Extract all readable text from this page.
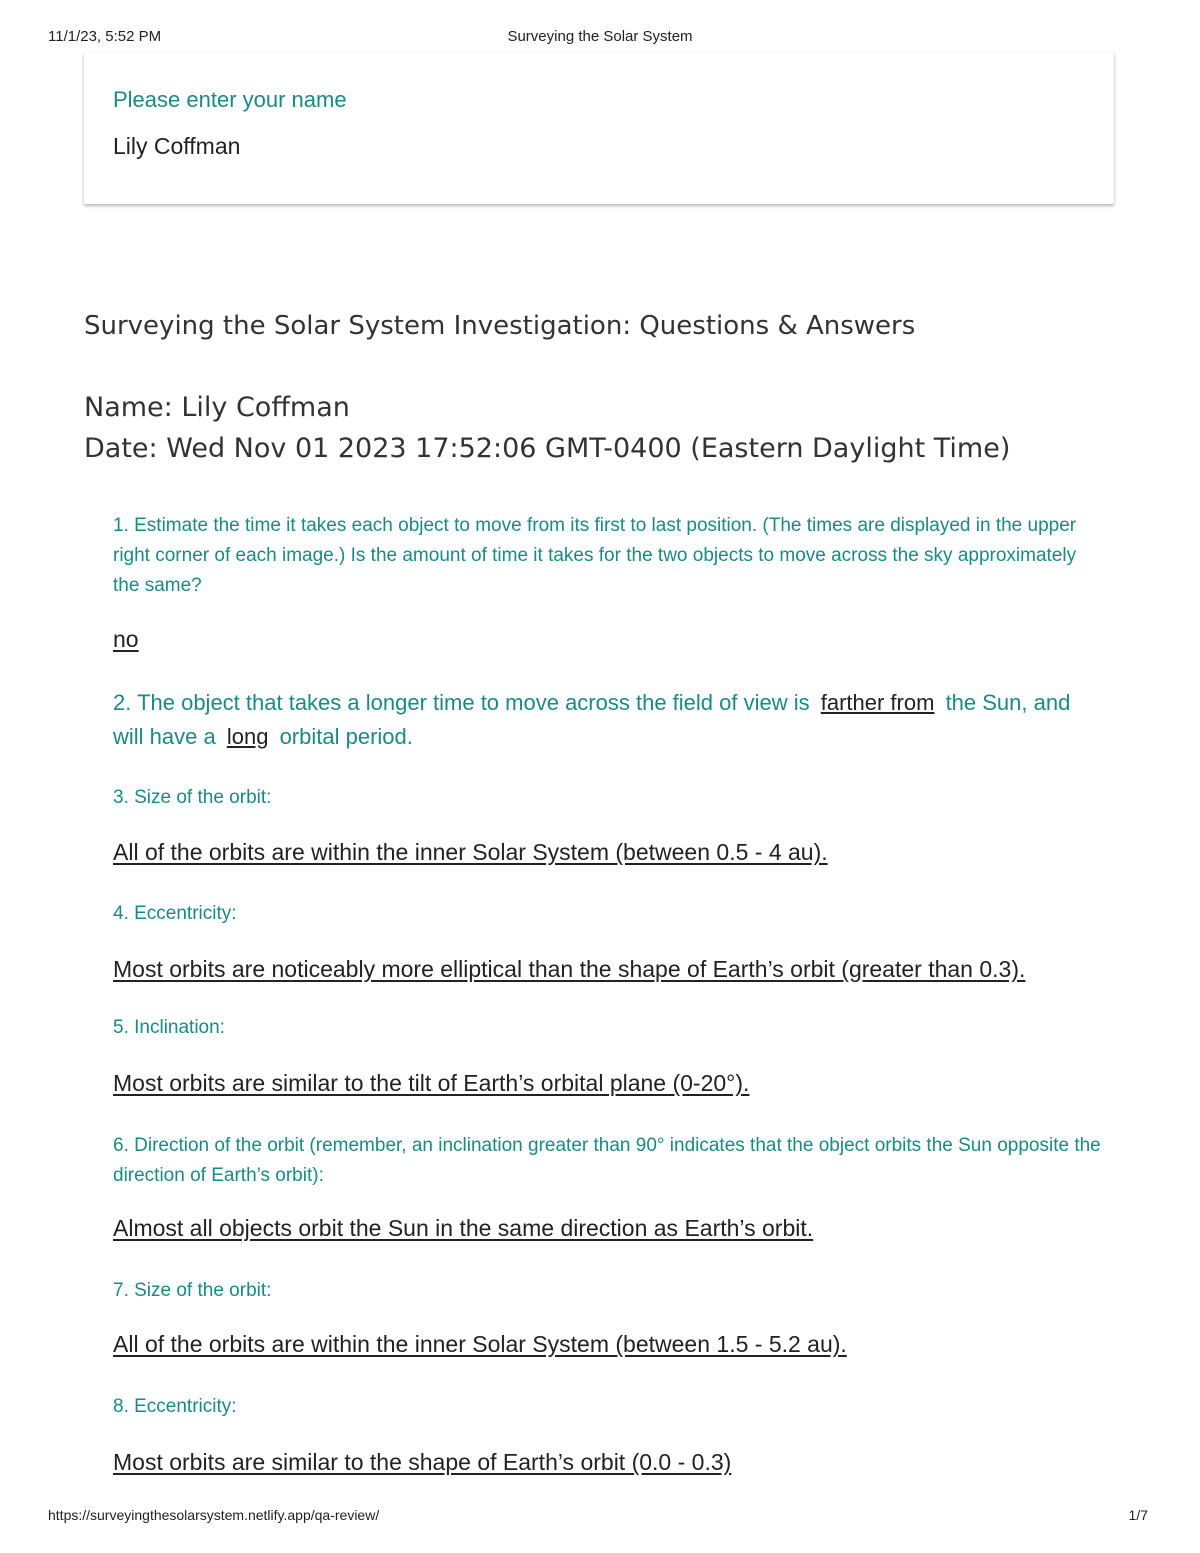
11/1/23, 5:52 PM	Surveying the Solar System
Please enter your name
Lily Coffman
Surveying the Solar System Investigation: Questions & Answers
Name: Lily Coffman
Date: Wed Nov 01 2023 17:52:06 GMT-0400 (Eastern Daylight Time)
1. Estimate the time it takes each object to move from its first to last position. (The times are displayed in the upper right corner of each image.) Is the amount of time it takes for the two objects to move across the sky approximately the same?
no
2. The object that takes a longer time to move across the field of view is farther from the Sun, and will have a long orbital period.
3. Size of the orbit:
All of the orbits are within the inner Solar System (between 0.5 - 4 au).
4. Eccentricity:
Most orbits are noticeably more elliptical than the shape of Earth’s orbit (greater than 0.3).
5. Inclination:
Most orbits are similar to the tilt of Earth’s orbital plane (0-20°).
6. Direction of the orbit (remember, an inclination greater than 90° indicates that the object orbits the Sun opposite the direction of Earth’s orbit):
Almost all objects orbit the Sun in the same direction as Earth’s orbit.
7. Size of the orbit:
All of the orbits are within the inner Solar System (between 1.5 - 5.2 au).
8. Eccentricity:
Most orbits are similar to the shape of Earth’s orbit (0.0 - 0.3)
https://surveyingthesolarsystem.netlify.app/qa-review/	1/7
